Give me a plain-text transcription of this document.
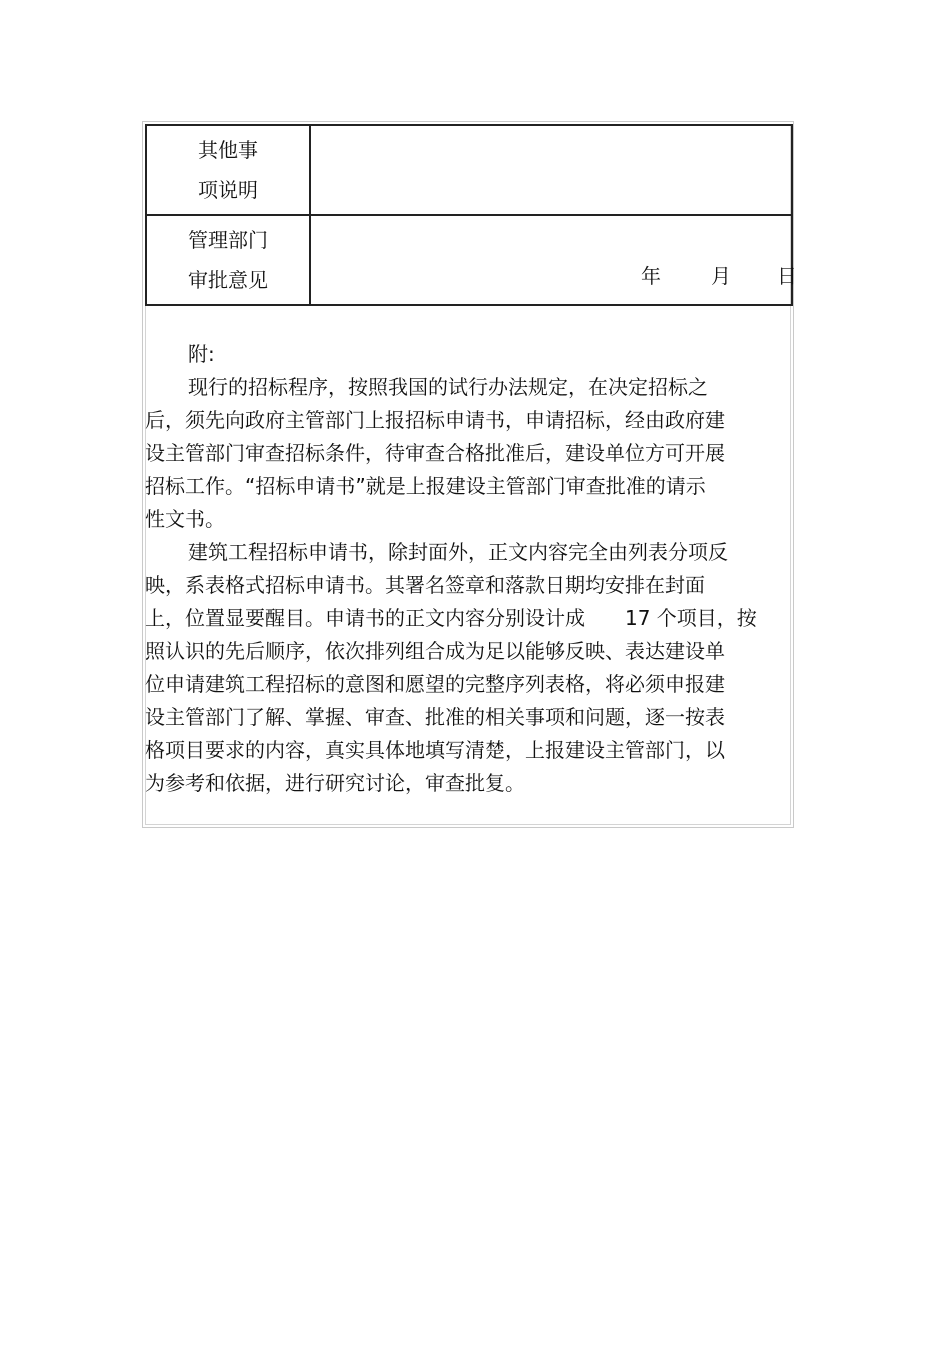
其他事
项说明	

管理部门
审批意见	年 月 日
附:
现行的招标程序，按照我国的试行办法规定，在决定招标之
后，须先向政府主管部门上报招标申请书，申请招标，经由政府建
设主管部门审查招标条件，待审查合格批准后，建设单位方可开展
招标工作。“招标申请书”就是上报建设主管部门审查批准的请示
性文书。
建筑工程招标申请书，除封面外，正文内容完全由列表分项反
映，系表格式招标申请书。其署名签章和落款日期均安排在封面
上，位置显要醒目。申请书的正文内容分别设计成 17 个项目，按
照认识的先后顺序，依次排列组合成为足以能够反映、表达建设单
位申请建筑工程招标的意图和愿望的完整序列表格，将必须申报建
设主管部门了解、掌握、审查、批准的相关事项和问题，逐一按表
格项目要求的内容，真实具体地填写清楚，上报建设主管部门，以
为参考和依据，进行研究讨论，审查批复。
